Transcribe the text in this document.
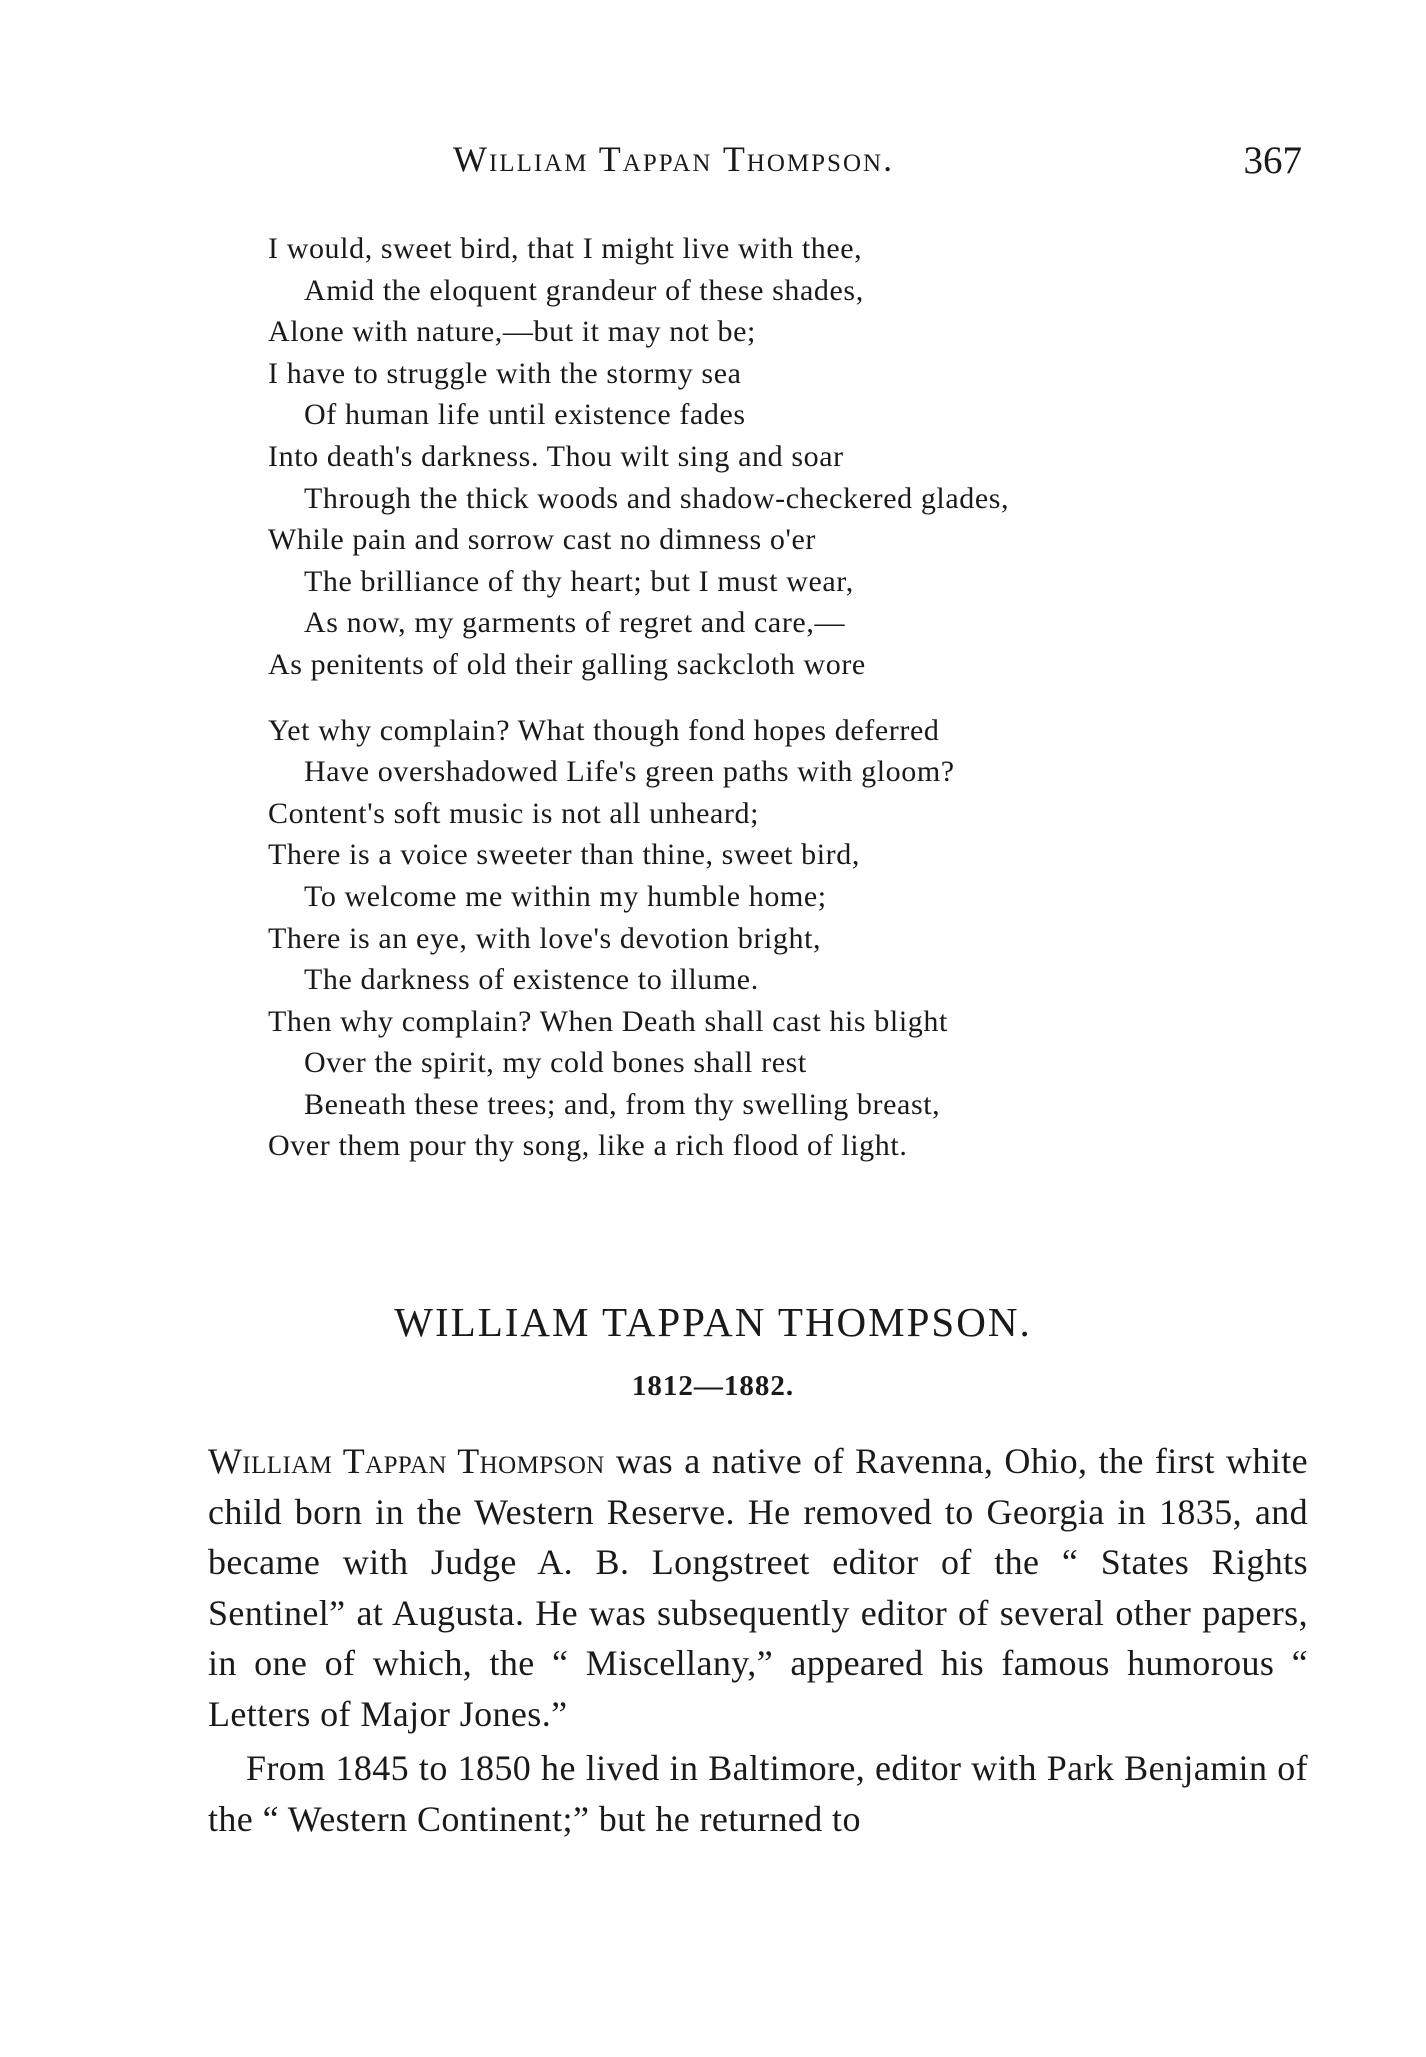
William Tappan Thompson.	367
I would, sweet bird, that I might live with thee,
Amid the eloquent grandeur of these shades,
Alone with nature,—but it may not be;
I have to struggle with the stormy sea
Of human life until existence fades
Into death's darkness. Thou wilt sing and soar
Through the thick woods and shadow-checkered glades,
While pain and sorrow cast no dimness o'er
The brilliance of thy heart; but I must wear,
As now, my garments of regret and care,—
As penitents of old their galling sackcloth wore
Yet why complain? What though fond hopes deferred
Have overshadowed Life's green paths with gloom?
Content's soft music is not all unheard;
There is a voice sweeter than thine, sweet bird,
To welcome me within my humble home;
There is an eye, with love's devotion bright,
The darkness of existence to illume.
Then why complain? When Death shall cast his blight
Over the spirit, my cold bones shall rest
Beneath these trees; and, from thy swelling breast,
Over them pour thy song, like a rich flood of light.
WILLIAM TAPPAN THOMPSON.
1812—1882.

William Tappan Thompson was a native of Ravenna, Ohio, the first white child born in the Western Reserve. He removed to Georgia in 1835, and became with Judge A. B. Longstreet editor of the “ States Rights Sentinel” at Augusta. He was subsequently editor of several other papers, in one of which, the “ Miscellany,” appeared his famous humorous “ Letters of Major Jones.”

From 1845 to 1850 he lived in Baltimore, editor with Park Benjamin of the “ Western Continent;” but he returned to
